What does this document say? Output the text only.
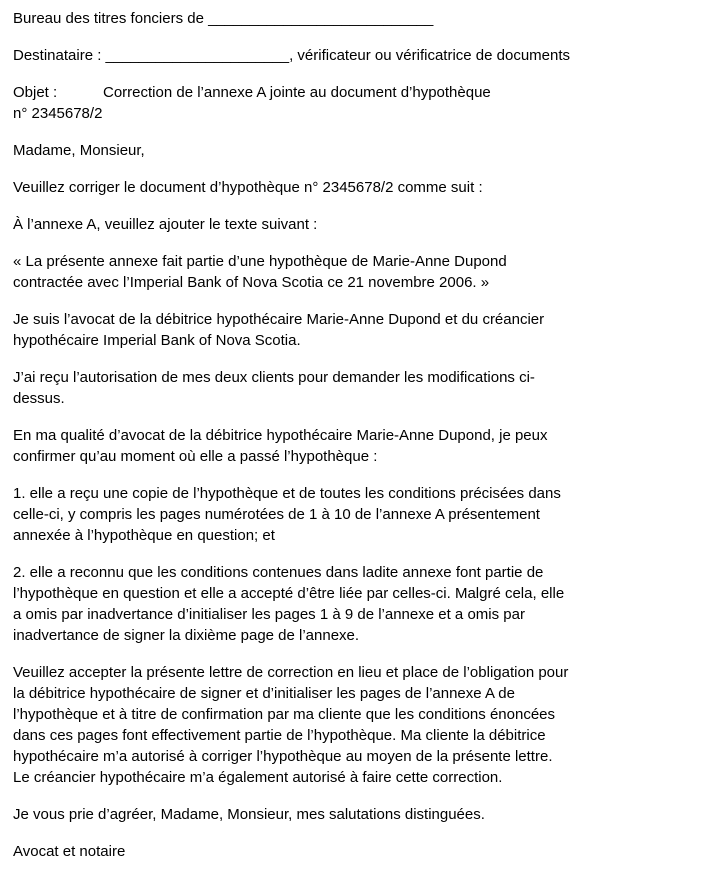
Bureau des titres fonciers de ___________________________
Destinataire : ______________________, vérificateur ou vérificatrice de documents
Objet :	Correction de l’annexe A jointe au document d’hypothèque
n° 2345678/2
Madame, Monsieur,
Veuillez corriger le document d’hypothèque n° 2345678/2 comme suit :
À l’annexe A, veuillez ajouter le texte suivant :
« La présente annexe fait partie d’une hypothèque de Marie-Anne Dupond
contractée avec l’Imperial Bank of Nova Scotia ce 21 novembre 2006. »
Je suis l’avocat de la débitrice hypothécaire Marie-Anne Dupond et du créancier
hypothécaire Imperial Bank of Nova Scotia.
J’ai reçu l’autorisation de mes deux clients pour demander les modifications ci-
dessus.
En ma qualité d’avocat de la débitrice hypothécaire Marie-Anne Dupond, je peux
confirmer qu’au moment où elle a passé l’hypothèque :
1. elle a reçu une copie de l’hypothèque et de toutes les conditions précisées dans
celle-ci, y compris les pages numérotées de 1 à 10 de l’annexe A présentement
annexée à l’hypothèque en question; et
2. elle a reconnu que les conditions contenues dans ladite annexe font partie de
l’hypothèque en question et elle a accepté d’être liée par celles-ci. Malgré cela, elle
a omis par inadvertance d’initialiser les pages 1 à 9 de l’annexe et a omis par
inadvertance de signer la dixième page de l’annexe.
Veuillez accepter la présente lettre de correction en lieu et place de l’obligation pour
la débitrice hypothécaire de signer et d’initialiser les pages de l’annexe A de
l’hypothèque et à titre de confirmation par ma cliente que les conditions énoncées
dans ces pages font effectivement partie de l’hypothèque. Ma cliente la débitrice
hypothécaire m’a autorisé à corriger l’hypothèque au moyen de la présente lettre.
Le créancier hypothécaire m’a également autorisé à faire cette correction.
Je vous prie d’agréer, Madame, Monsieur, mes salutations distinguées.
Avocat et notaire
